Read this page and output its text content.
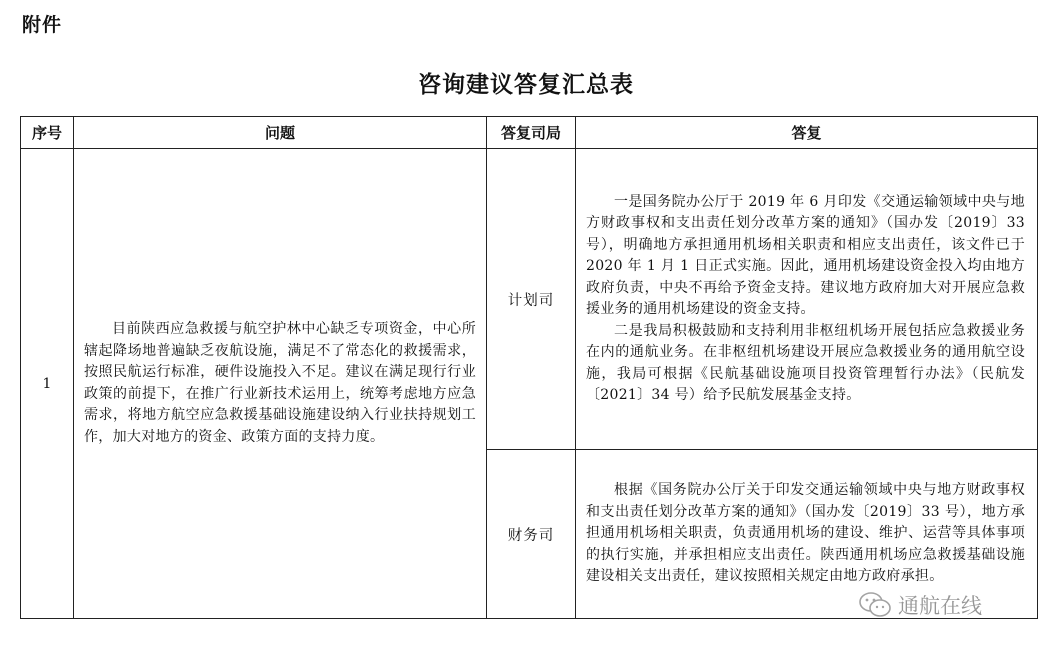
附件
咨询建议答复汇总表
序号	问题	答复司局	答复
1	目前陕西应急救援与航空护林中心缺乏专项资金，中心所辖起降场地普遍缺乏夜航设施，满足不了常态化的救援需求，按照民航运行标准，硬件设施投入不足。建议在满足现行行业政策的前提下，在推广行业新技术运用上，统筹考虑地方应急需求，将地方航空应急救援基础设施建设纳入行业扶持规划工作，加大对地方的资金、政策方面的支持力度。	计划司	一是国务院办公厅于 2019 年 6 月印发《交通运输领域中央与地方财政事权和支出责任划分改革方案的通知》（国办发〔2019〕33 号），明确地方承担通用机场相关职责和相应支出责任，该文件已于 2020 年 1 月 1 日正式实施。因此，通用机场建设资金投入均由地方政府负责，中央不再给予资金支持。建议地方政府加大对开展应急救援业务的通用机场建设的资金支持。

二是我局积极鼓励和支持利用非枢纽机场开展包括应急救援业务在内的通航业务。在非枢纽机场建设开展应急救援业务的通用航空设施，我局可根据《民航基础设施项目投资管理暂行办法》（民航发〔2021〕34 号）给予民航发展基金支持。

		财务司	根据《国务院办公厅关于印发交通运输领域中央与地方财政事权和支出责任划分改革方案的通知》（国办发〔2019〕33 号），地方承担通用机场相关职责，负责通用机场的建设、维护、运营等具体事项的执行实施，并承担相应支出责任。陕西通用机场应急救援基础设施建设相关支出责任，建议按照相关规定由地方政府承担。

通航在线
